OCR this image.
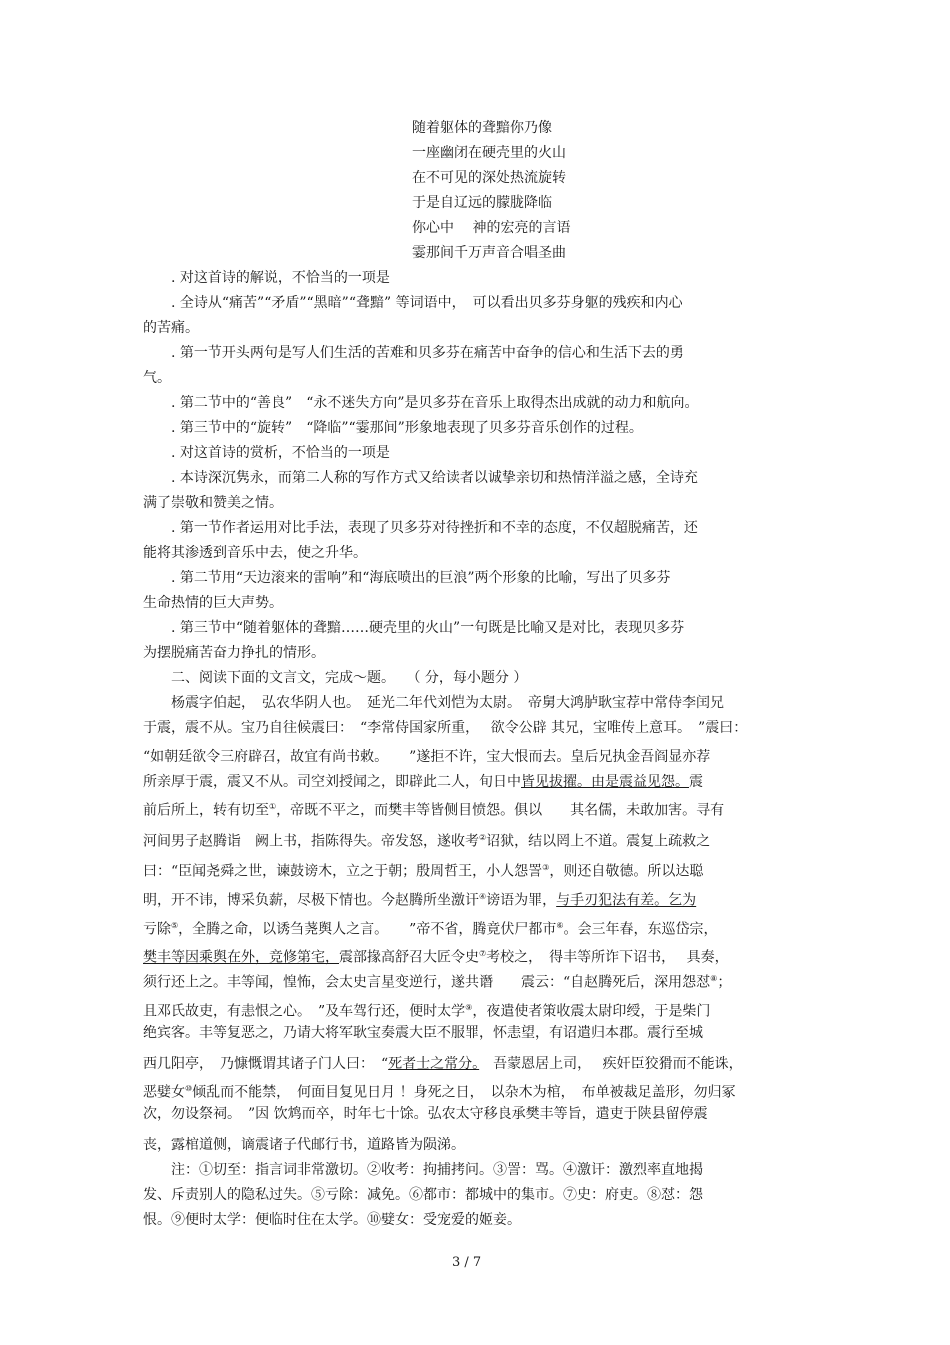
随着躯体的聋黯你乃像
一座幽闭在硬壳里的火山
在不可见的深处热流旋转
于是自辽远的朦胧降临
你心中　 神的宏亮的言语
霎那间千万声音合唱圣曲
. 对这首诗的解说，不恰当的一项是
. 全诗从“痛苦”“矛盾”“黑暗”“聋黯” 等词语中，　可以看出贝多芬身躯的残疾和内心
的苦痛。
. 第一节开头两句是写人们生活的苦难和贝多芬在痛苦中奋争的信心和生活下去的勇
气。
. 第二节中的“善良”　“永不迷失方向”是贝多芬在音乐上取得杰出成就的动力和航向。
. 第三节中的“旋转”　“降临”“霎那间”形象地表现了贝多芬音乐创作的过程。
. 对这首诗的赏析，不恰当的一项是
. 本诗深沉隽永，而第二人称的写作方式又给读者以诚挚亲切和热情洋溢之感，全诗充
满了崇敬和赞美之情。
. 第一节作者运用对比手法，表现了贝多芬对待挫折和不幸的态度，不仅超脱痛苦，还
能将其渗透到音乐中去，使之升华。
. 第二节用“天边滚来的雷响”和“海底喷出的巨浪”两个形象的比喻，写出了贝多芬
生命热情的巨大声势。
. 第三节中“随着躯体的聋黯……硬壳里的火山”一句既是比喻又是对比，表现贝多芬
为摆脱痛苦奋力挣扎的情形。
二、阅读下面的文言文，完成～题。　 （ 分，每小题分 ）
杨震字伯起，　弘农华阴人也。　延光二年代刘恺为太尉。　帝舅大鸿胪耿宝荐中常侍李闰兄
于震，震不从。宝乃自往候震曰：　“李常侍国家所重，　 欲令公辟 其兄，宝唯传上意耳。　”震曰：
“如朝廷欲令三府辟召，故宜有尚书敕。　　”遂拒不许，宝大恨而去。皇后兄执金吾阎显亦荐
所亲厚于震，震又不从。司空刘授闻之，即辟此二人，旬日中皆见拔擢。由是震益见怨。震
前后所上，转有切至①，帝既不平之，而樊丰等皆侧目愤怨。俱以　　其名儒，未敢加害。寻有
河间男子赵腾诣　阙上书，指陈得失。帝发怒，遂收考②诏狱，结以罔上不道。震复上疏救之
曰：“臣闻尧舜之世，谏鼓谤木，立之于朝；殷周哲王，小人怨詈③，则还自敬德。所以达聪
明，开不讳，博采负薪，尽极下情也。今赵腾所坐激讦④谤语为罪，与手刃犯法有差。乞为
亏除⑤，全腾之命，以诱刍荛舆人之言。　　”帝不省，腾竟伏尸都市⑥。会三年春，东巡岱宗，
樊丰等因乘舆在外，竞修第宅，震部掾高舒召大匠令史⑦考校之，　得丰等所诈下诏书，　 具奏，
须行还上之。丰等闻，惶怖，会太史言星变逆行，遂共谮　　震云：“自赵腾死后，深用怨怼⑧；
且邓氏故吏，有恚恨之心。　”及车驾行还，便时太学⑨，夜遣使者策收震太尉印绶，于是柴门
绝宾客。丰等复恶之，乃请大将军耿宝奏震大臣不服罪，怀恚望，有诏遣归本郡。震行至城
西几阳亭，　乃慷慨谓其诸子门人曰：　“死者士之常分。　吾蒙恩居上司，　 疾奸臣狡猾而不能诛，
恶嬖女⑩倾乱而不能禁，　何面目复见日月 ！身死之日，　以杂木为棺，　布单被裁足盖形，勿归冢
次，勿设祭祠。　”因 饮鸩而卒，时年七十馀。弘农太守移良承樊丰等旨，遣吏于陕县留停震
丧，露棺道侧，谪震诸子代邮行书，道路皆为陨涕。
注：①切至：指言词非常激切。②收考：拘捕拷问。③詈：骂。④激讦：激烈率直地揭
发、斥责别人的隐私过失。⑤亏除：减免。⑥都市：都城中的集市。⑦史：府吏。⑧怼：怨
恨。⑨便时太学：便临时住在太学。⑩嬖女：受宠爱的姬妾。
3 / 7
